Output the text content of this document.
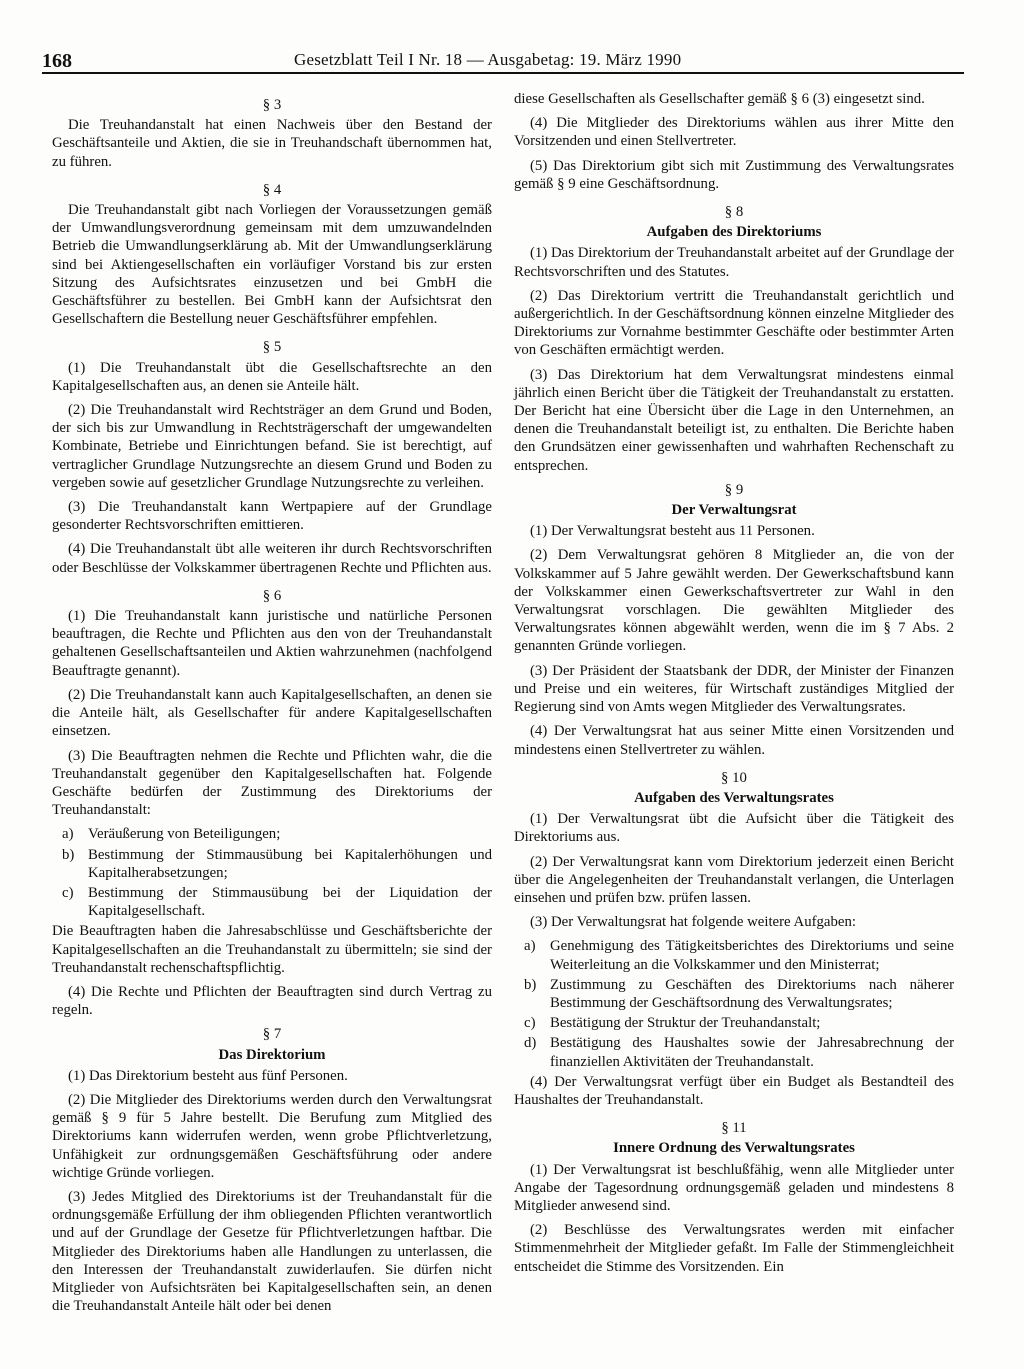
168	Gesetzblatt Teil I Nr. 18 — Ausgabetag: 19. März 1990
§ 3

Die Treuhandanstalt hat einen Nachweis über den Bestand der Geschäftsanteile und Aktien, die sie in Treuhandschaft übernommen hat, zu führen.

§ 4

Die Treuhandanstalt gibt nach Vorliegen der Voraussetzungen gemäß der Umwandlungsverordnung gemeinsam mit dem umzuwandelnden Betrieb die Umwandlungserklärung ab. Mit der Umwandlungserklärung sind bei Aktiengesellschaften ein vorläufiger Vorstand bis zur ersten Sitzung des Aufsichtsrates einzusetzen und bei GmbH die Geschäftsführer zu bestellen. Bei GmbH kann der Aufsichtsrat den Gesellschaftern die Bestellung neuer Geschäftsführer empfehlen.

§ 5

(1) Die Treuhandanstalt übt die Gesellschaftsrechte an den Kapitalgesellschaften aus, an denen sie Anteile hält.

(2) Die Treuhandanstalt wird Rechtsträger an dem Grund und Boden, der sich bis zur Umwandlung in Rechtsträgerschaft der umgewandelten Kombinate, Betriebe und Einrichtungen befand. Sie ist berechtigt, auf vertraglicher Grundlage Nutzungsrechte an diesem Grund und Boden zu vergeben sowie auf gesetzlicher Grundlage Nutzungsrechte zu verleihen.

(3) Die Treuhandanstalt kann Wertpapiere auf der Grundlage gesonderter Rechtsvorschriften emittieren.

(4) Die Treuhandanstalt übt alle weiteren ihr durch Rechtsvorschriften oder Beschlüsse der Volkskammer übertragenen Rechte und Pflichten aus.

§ 6

(1) Die Treuhandanstalt kann juristische und natürliche Personen beauftragen, die Rechte und Pflichten aus den von der Treuhandanstalt gehaltenen Gesellschaftsanteilen und Aktien wahrzunehmen (nachfolgend Beauftragte genannt).

(2) Die Treuhandanstalt kann auch Kapitalgesellschaften, an denen sie die Anteile hält, als Gesellschafter für andere Kapitalgesellschaften einsetzen.

(3) Die Beauftragten nehmen die Rechte und Pflichten wahr, die die Treuhandanstalt gegenüber den Kapitalgesellschaften hat. Folgende Geschäfte bedürfen der Zustimmung des Direktoriums der Treuhandanstalt:

a) Veräußerung von Beteiligungen;
b) Bestimmung der Stimmausübung bei Kapitalerhöhungen und Kapitalherabsetzungen;
c) Bestimmung der Stimmausübung bei der Liquidation der Kapitalgesellschaft.

Die Beauftragten haben die Jahresabschlüsse und Geschäftsberichte der Kapitalgesellschaften an die Treuhandanstalt zu übermitteln; sie sind der Treuhandanstalt rechenschaftspflichtig.

(4) Die Rechte und Pflichten der Beauftragten sind durch Vertrag zu regeln.

§ 7
Das Direktorium

(1) Das Direktorium besteht aus fünf Personen.

(2) Die Mitglieder des Direktoriums werden durch den Verwaltungsrat gemäß § 9 für 5 Jahre bestellt. Die Berufung zum Mitglied des Direktoriums kann widerrufen werden, wenn grobe Pflichtverletzung, Unfähigkeit zur ordnungsgemäßen Geschäftsführung oder andere wichtige Gründe vorliegen.

(3) Jedes Mitglied des Direktoriums ist der Treuhandanstalt für die ordnungsgemäße Erfüllung der ihm obliegenden Pflichten verantwortlich und auf der Grundlage der Gesetze für Pflichtverletzungen haftbar. Die Mitglieder des Direktoriums haben alle Handlungen zu unterlassen, die den Interessen der Treuhandanstalt zuwiderlaufen. Sie dürfen nicht Mitglieder von Aufsichtsräten bei Kapitalgesellschaften sein, an denen die Treuhandanstalt Anteile hält oder bei denen

diese Gesellschaften als Gesellschafter gemäß § 6 (3) eingesetzt sind.

(4) Die Mitglieder des Direktoriums wählen aus ihrer Mitte den Vorsitzenden und einen Stellvertreter.

(5) Das Direktorium gibt sich mit Zustimmung des Verwaltungsrates gemäß § 9 eine Geschäftsordnung.

§ 8
Aufgaben des Direktoriums

(1) Das Direktorium der Treuhandanstalt arbeitet auf der Grundlage der Rechtsvorschriften und des Statutes.

(2) Das Direktorium vertritt die Treuhandanstalt gerichtlich und außergerichtlich. In der Geschäftsordnung können einzelne Mitglieder des Direktoriums zur Vornahme bestimmter Geschäfte oder bestimmter Arten von Geschäften ermächtigt werden.

(3) Das Direktorium hat dem Verwaltungsrat mindestens einmal jährlich einen Bericht über die Tätigkeit der Treuhandanstalt zu erstatten. Der Bericht hat eine Übersicht über die Lage in den Unternehmen, an denen die Treuhandanstalt beteiligt ist, zu enthalten. Die Berichte haben den Grundsätzen einer gewissenhaften und wahrhaften Rechenschaft zu entsprechen.

§ 9
Der Verwaltungsrat

(1) Der Verwaltungsrat besteht aus 11 Personen.

(2) Dem Verwaltungsrat gehören 8 Mitglieder an, die von der Volkskammer auf 5 Jahre gewählt werden. Der Gewerkschaftsbund kann der Volkskammer einen Gewerkschaftsvertreter zur Wahl in den Verwaltungsrat vorschlagen. Die gewählten Mitglieder des Verwaltungsrates können abgewählt werden, wenn die im § 7 Abs. 2 genannten Gründe vorliegen.

(3) Der Präsident der Staatsbank der DDR, der Minister der Finanzen und Preise und ein weiteres, für Wirtschaft zuständiges Mitglied der Regierung sind von Amts wegen Mitglieder des Verwaltungsrates.

(4) Der Verwaltungsrat hat aus seiner Mitte einen Vorsitzenden und mindestens einen Stellvertreter zu wählen.

§ 10
Aufgaben des Verwaltungsrates

(1) Der Verwaltungsrat übt die Aufsicht über die Tätigkeit des Direktoriums aus.

(2) Der Verwaltungsrat kann vom Direktorium jederzeit einen Bericht über die Angelegenheiten der Treuhandanstalt verlangen, die Unterlagen einsehen und prüfen bzw. prüfen lassen.

(3) Der Verwaltungsrat hat folgende weitere Aufgaben:

a) Genehmigung des Tätigkeitsberichtes des Direktoriums und seine Weiterleitung an die Volkskammer und den Ministerrat;
b) Zustimmung zu Geschäften des Direktoriums nach näherer Bestimmung der Geschäftsordnung des Verwaltungsrates;
c) Bestätigung der Struktur der Treuhandanstalt;
d) Bestätigung des Haushaltes sowie der Jahresabrechnung der finanziellen Aktivitäten der Treuhandanstalt.

(4) Der Verwaltungsrat verfügt über ein Budget als Bestandteil des Haushaltes der Treuhandanstalt.

§ 11
Innere Ordnung des Verwaltungsrates

(1) Der Verwaltungsrat ist beschlußfähig, wenn alle Mitglieder unter Angabe der Tagesordnung ordnungsgemäß geladen und mindestens 8 Mitglieder anwesend sind.

(2) Beschlüsse des Verwaltungsrates werden mit einfacher Stimmenmehrheit der Mitglieder gefaßt. Im Falle der Stimmengleichheit entscheidet die Stimme des Vorsitzenden. Ein
